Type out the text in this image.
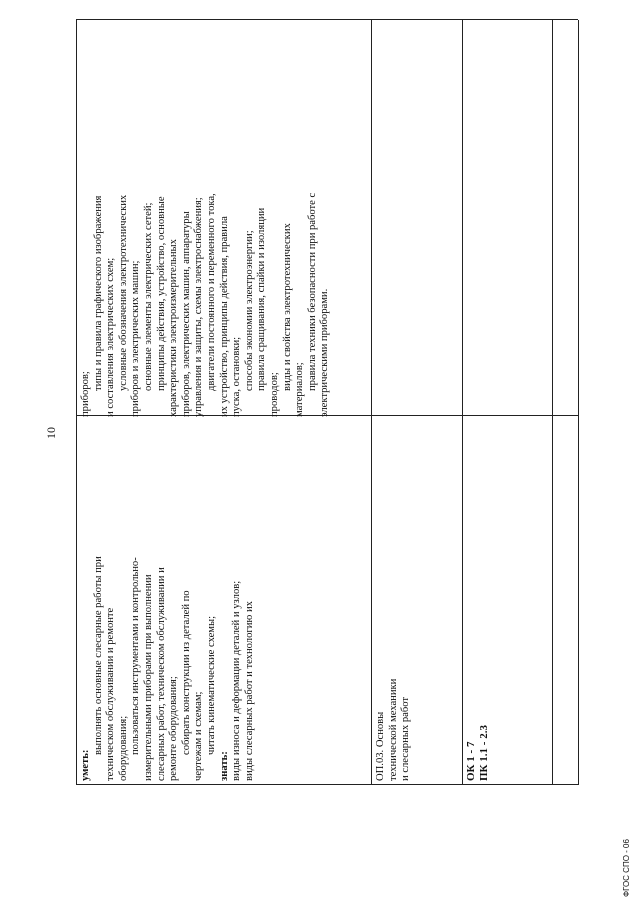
10
приборов;
типы и правила графического изображения и составления электрических схем; условные обозначения электротехнических приборов и электрических машин; основные элементы электрических сетей; принципы действия, устройство, основные характеристики электроизмерительных приборов, электрических машин, аппаратуры управления и защиты, схемы электроснабжения; двигатели постоянного и переменного тока, их устройство, принципы действия, правила пуска, остановки; способы экономии электроэнергии; правила сращивания, спайки и изоляции
проводов;
виды и свойства электротехнических материалов; правила техники безопасности при работе с электрическими приборами.
уметь:
выполнять основные слесарные работы при техническом обслуживании и ремонте оборудования; пользоваться инструментами и контрольно- измерительными приборами при выполнении слесарных работ, техническом обслуживании и ремонте оборудования; собирать конструкции из деталей по чертежам и схемам; читать кинематические схемы;
знать: виды износа и деформации деталей и узлов; виды слесарных работ и технологию их	ОП.03. Основы технической механики и слесарных работ	ОК 1 - 7 ПК 1.1 - 2.3
ФГОС СПО - 06
